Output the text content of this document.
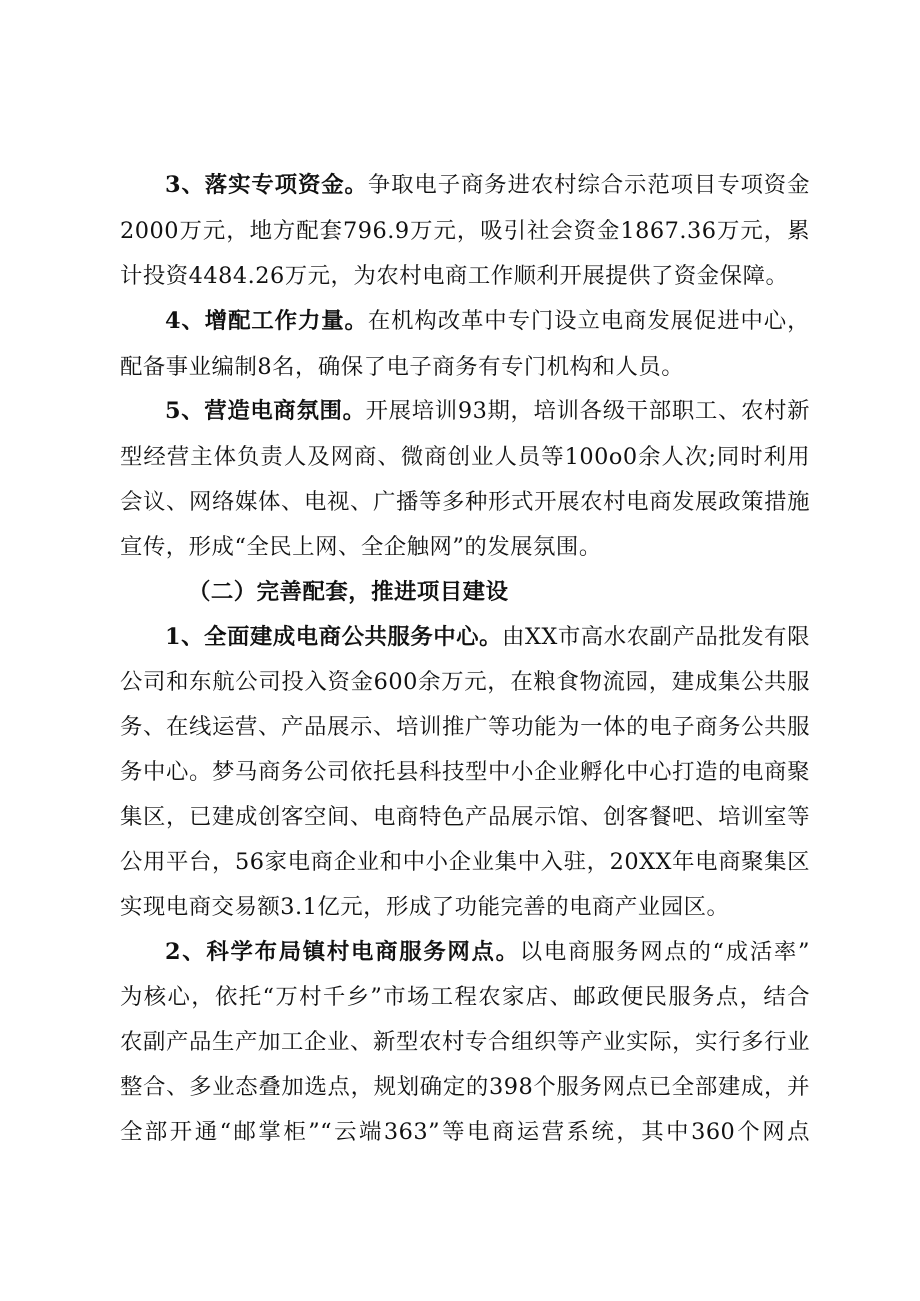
3、落实专项资金。争取电子商务进农村综合示范项目专项资金
2000万元，地方配套796.9万元，吸引社会资金1867.36万元，累
计投资4484.26万元，为农村电商工作顺利开展提供了资金保障。
4、增配工作力量。在机构改革中专门设立电商发展促进中心，
配备事业编制8名，确保了电子商务有专门机构和人员。
5、营造电商氛围。开展培训93期，培训各级干部职工、农村新
型经营主体负责人及网商、微商创业人员等100o0余人次;同时利用
会议、网络媒体、电视、广播等多种形式开展农村电商发展政策措施
宣传，形成“全民上网、全企触网”的发展氛围。
（二）完善配套，推进项目建设
1、全面建成电商公共服务中心。由XX市高水农副产品批发有限
公司和东航公司投入资金600余万元，在粮食物流园，建成集公共服
务、在线运营、产品展示、培训推广等功能为一体的电子商务公共服
务中心。梦马商务公司依托县科技型中小企业孵化中心打造的电商聚
集区，已建成创客空间、电商特色产品展示馆、创客餐吧、培训室等
公用平台，56家电商企业和中小企业集中入驻，20XX年电商聚集区
实现电商交易额3.1亿元，形成了功能完善的电商产业园区。
2、科学布局镇村电商服务网点。以电商服务网点的“成活率”
为核心，依托“万村千乡”市场工程农家店、邮政便民服务点，结合
农副产品生产加工企业、新型农村专合组织等产业实际，实行多行业
整合、多业态叠加选点，规划确定的398个服务网点已全部建成，并
全部开通“邮掌柜”“云端363”等电商运营系统，其中360个网点
